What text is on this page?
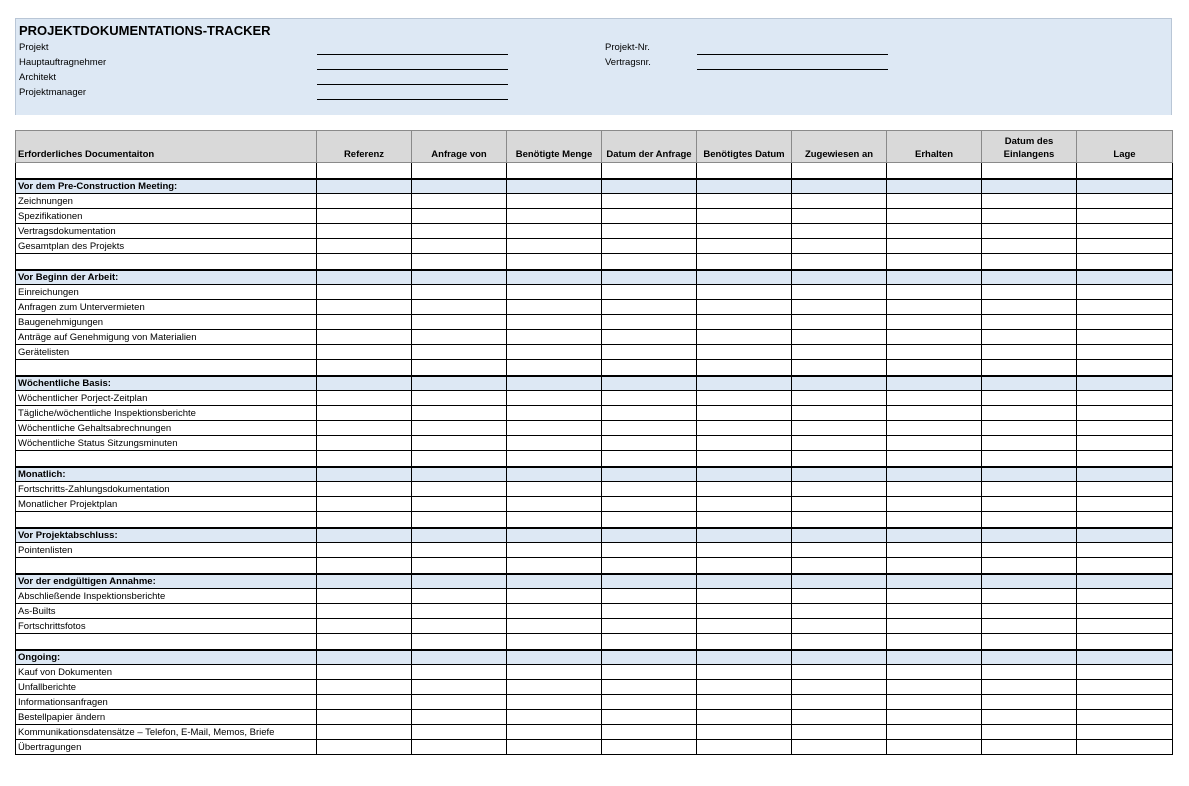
PROJEKTDOKUMENTATIONS-TRACKER
Projekt
Hauptauftragnehmer
Architekt
Projektmanager
Projekt-Nr.
Vertragsnr.
Erforderliches Documentaiton	Referenz	Anfrage von	Benötigte Menge	Datum der Anfrage	Benötigtes Datum	Zugewiesen an	Erhalten	Datum des Einlangens	Lage

Vor dem Pre-Construction Meeting:									
Zeichnungen									
Spezifikationen									
Vertragsdokumentation									
Gesamtplan des Projekts									

Vor Beginn der Arbeit:									
Einreichungen									
Anfragen zum Untervermieten									
Baugenehmigungen									
Anträge auf Genehmigung von Materialien									
Gerätelisten									

Wöchentliche Basis:									
Wöchentlicher Porject-Zeitplan									
Tägliche/wöchentliche Inspektionsberichte									
Wöchentliche Gehaltsabrechnungen									
Wöchentliche Status Sitzungsminuten									

Monatlich:									
Fortschritts-Zahlungsdokumentation									
Monatlicher Projektplan									

Vor Projektabschluss:									
Pointenlisten									

Vor der endgültigen Annahme:									
Abschließende Inspektionsberichte									
As-Builts									
Fortschrittsfotos									

Ongoing:									
Kauf von Dokumenten									
Unfallberichte									
Informationsanfragen									
Bestellpapier ändern									
Kommunikationsdatensätze – Telefon, E-Mail, Memos, Briefe									
Übertragungen									
